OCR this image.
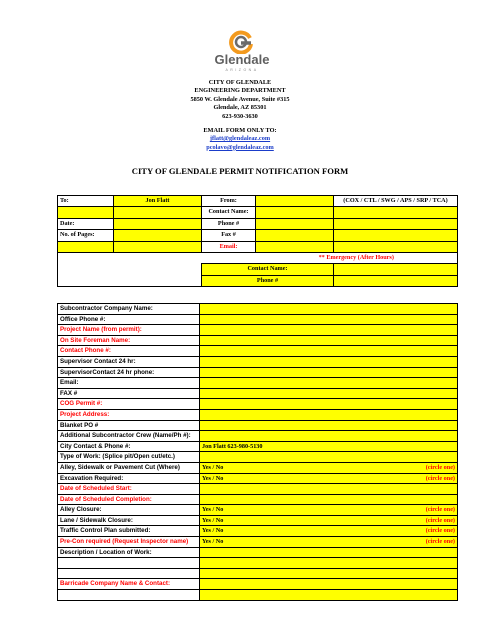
Glendale
ARIZONA
CITY OF GLENDALE
ENGINEERING DEPARTMENT
5850 W. Glendale Avenue, Suite #315
Glendale, AZ 85301
623-930-3630
EMAIL FORM ONLY TO:
jflatt@glendaleaz.com
pcolavo@glendaleaz.com
CITY OF GLENDALE PERMIT NOTIFICATION FORM
To:	Jon Flatt	From:		(COX / CTL / SWG / APS / SRP / TCA)
		Contact Name:		
Date:		Phone #		
No. of Pages:		Fax #		
		Email:		
			** Emergency (After Hours)	
		Contact Name:		
		Phone #		
Subcontractor Company Name:	
Office Phone #:	
Project Name (from permit):	
On Site Foreman Name:	
Contact Phone #:	
Supervisor Contact 24 hr:	
SupervisorContact 24 hr phone:	
Email:	
FAX #	
COG Permit #:	
Project Address:	
Blanket PO #	
Additional Subcontractor Crew (Name/Ph #):	
City Contact & Phone #:	Jon Flatt 623-980-5130
Type of Work: (Splice pit/Open cut/etc.)	
Alley, Sidewalk or Pavement Cut (Where)	Yes / No (circle one)

Excavation Required:	Yes / No (circle one)

Date of Scheduled Start:	
Date of Scheduled Completion:	
Alley Closure:	Yes / No (circle one)

Lane / Sidewalk Closure:	Yes / No (circle one)

Traffic Control Plan submitted:	Yes / No (circle one)

Pre-Con required (Request Inspector name)	Yes / No (circle one)

Description / Location of Work:	

Barricade Company Name & Contact:	
